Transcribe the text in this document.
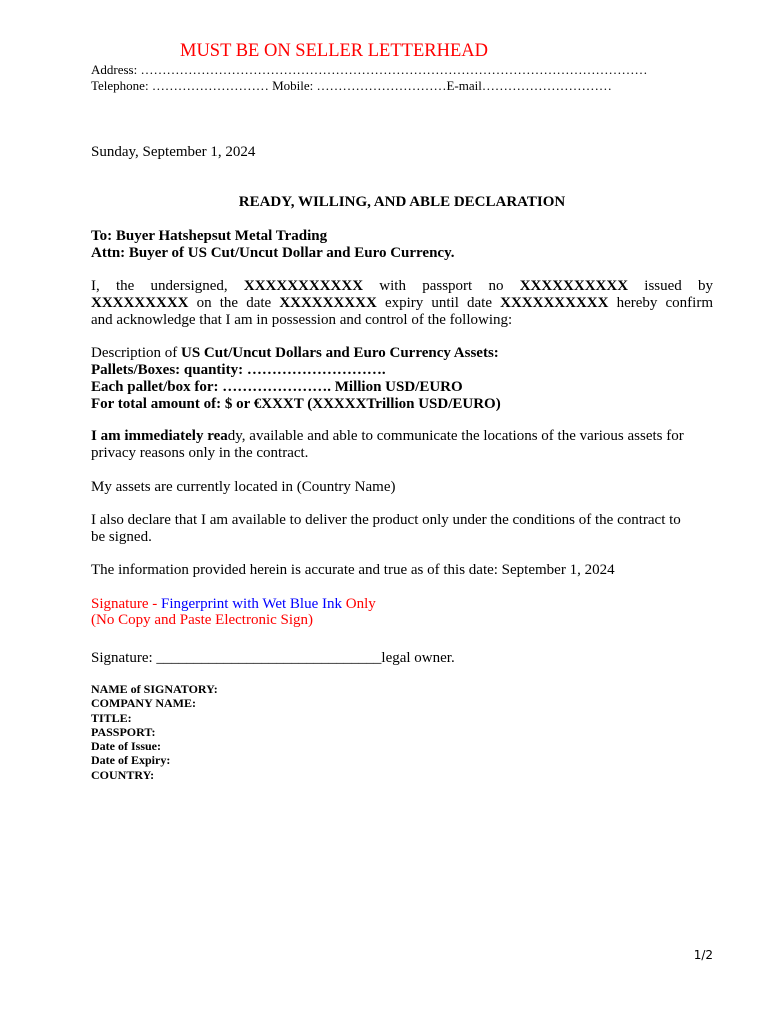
MUST BE ON SELLER LETTERHEAD
Address: ………………………………………………………………………………………………………
Telephone: ……………………… Mobile: …………………………E-mail…………………………
Sunday, September 1, 2024
READY, WILLING, AND ABLE DECLARATION
To: Buyer Hatshepsut Metal Trading
Attn: Buyer of US Cut/Uncut Dollar and Euro Currency.
I, the undersigned, XXXXXXXXXXX with passport no XXXXXXXXXX issued by
XXXXXXXXX on the date XXXXXXXXX expiry until date XXXXXXXXXX hereby confirm
and acknowledge that I am in possession and control of the following:
Description of US Cut/Uncut Dollars and Euro Currency Assets:
Pallets/Boxes: quantity: ……………………….
Each pallet/box for: …………………. Million USD/EURO
For total amount of: $ or €XXXT (XXXXXTrillion USD/EURO)
I am immediately ready, available and able to communicate the locations of the various assets for
privacy reasons only in the contract.
My assets are currently located in (Country Name)
I also declare that I am available to deliver the product only under the conditions of the contract to
be signed.
The information provided herein is accurate and true as of this date: September 1, 2024
Signature - Fingerprint with Wet Blue Ink Only
(No Copy and Paste Electronic Sign)
Signature: ______________________________legal owner.
NAME of SIGNATORY:
COMPANY NAME:
TITLE:
PASSPORT:
Date of Issue:
Date of Expiry:
COUNTRY:
1/2
